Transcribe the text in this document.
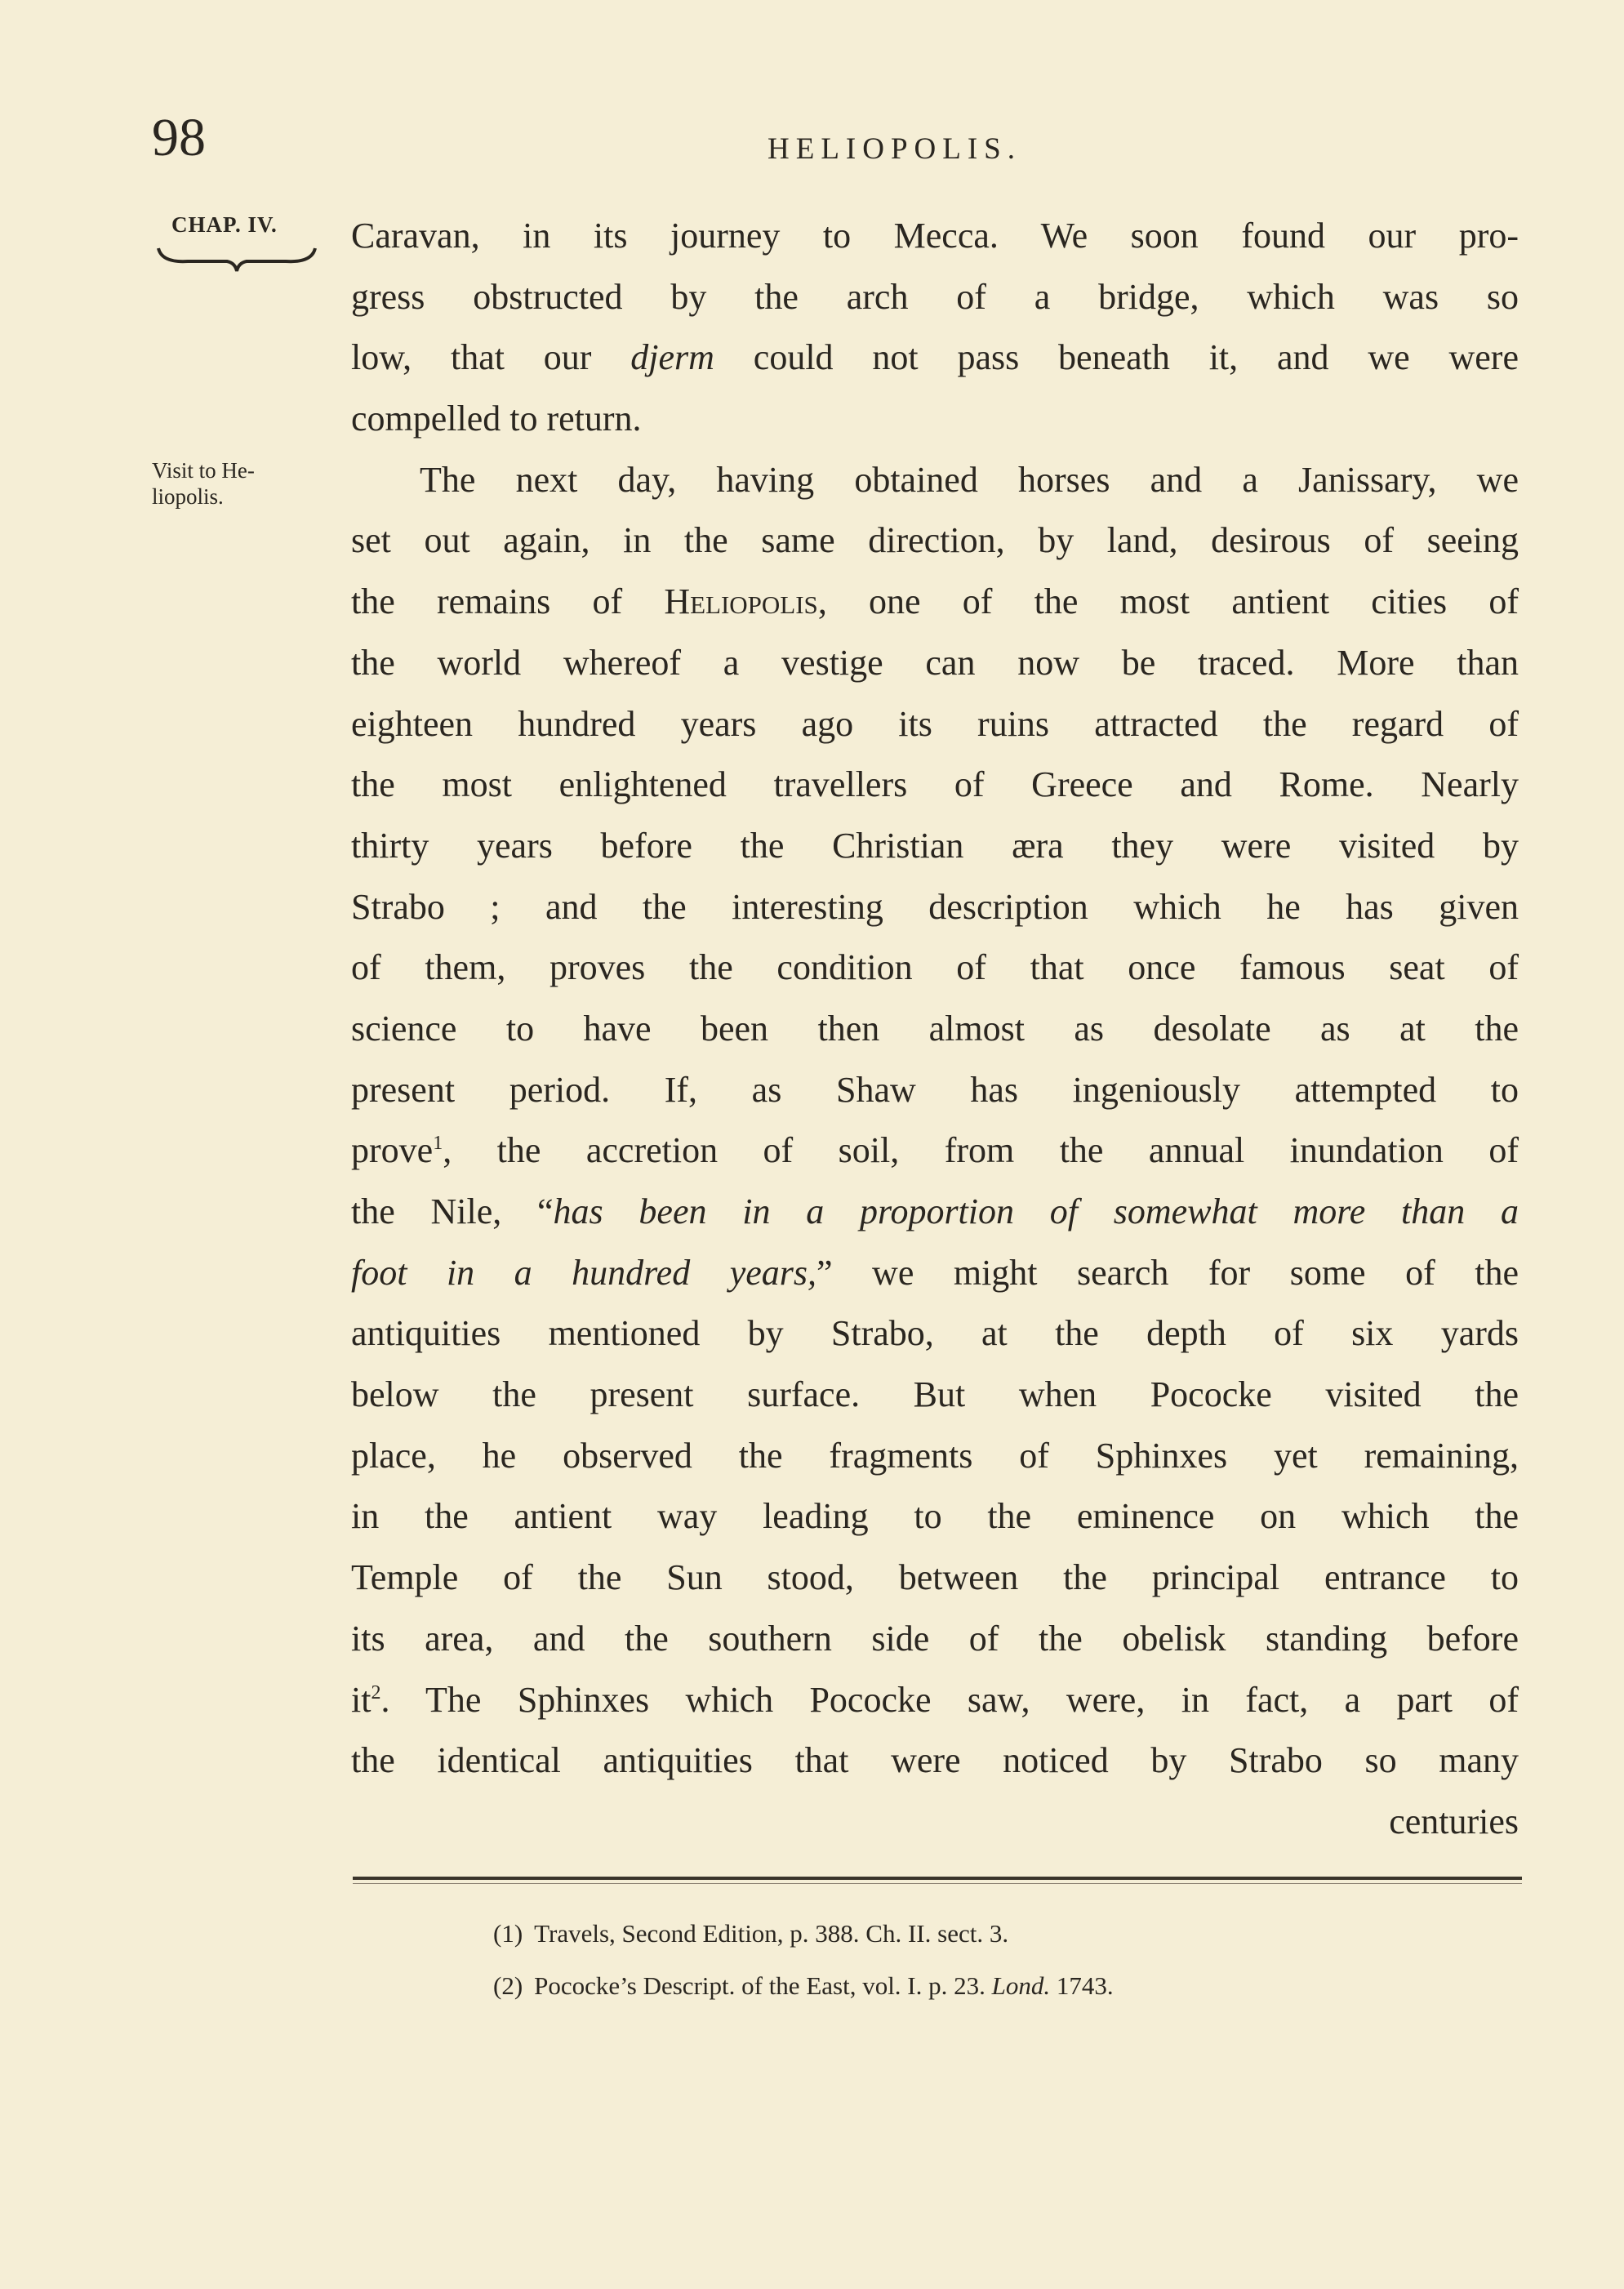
98	HELIOPOLIS.
CHAP. IV.
Visit to He-
liopolis.
Caravan, in its journey to Mecca. We soon found our pro-
gress obstructed by the arch of a bridge, which was so
low, that our djerm could not pass beneath it, and we were
compelled to return.
The next day, having obtained horses and a Janissary, we
set out again, in the same direction, by land, desirous of seeing
the remains of Heliopolis, one of the most antient cities of
the world whereof a vestige can now be traced. More than
eighteen hundred years ago its ruins attracted the regard of
the most enlightened travellers of Greece and Rome. Nearly
thirty years before the Christian æra they were visited by
Strabo ; and the interesting description which he has given
of them, proves the condition of that once famous seat of
science to have been then almost as desolate as at the
present period. If, as Shaw has ingeniously attempted to
prove$^1$, the accretion of soil, from the annual inundation of
the Nile, “has been in a proportion of somewhat more than a
foot in a hundred years,” we might search for some of the
antiquities mentioned by Strabo, at the depth of six yards
below the present surface. But when Pococke visited the
place, he observed the fragments of Sphinxes yet remaining,
in the antient way leading to the eminence on which the
Temple of the Sun stood, between the principal entrance to
its area, and the southern side of the obelisk standing before
$it^2$. The Sphinxes which Pococke saw, were, in fact, a part of
the identical antiquities that were noticed by Strabo so many
centuries
(1) Travels, Second Edition, p. 388. Ch. II. sect. 3.
(2) Pococke’s Descript. of the East, vol. I. p. 23. Lond. 1743.
